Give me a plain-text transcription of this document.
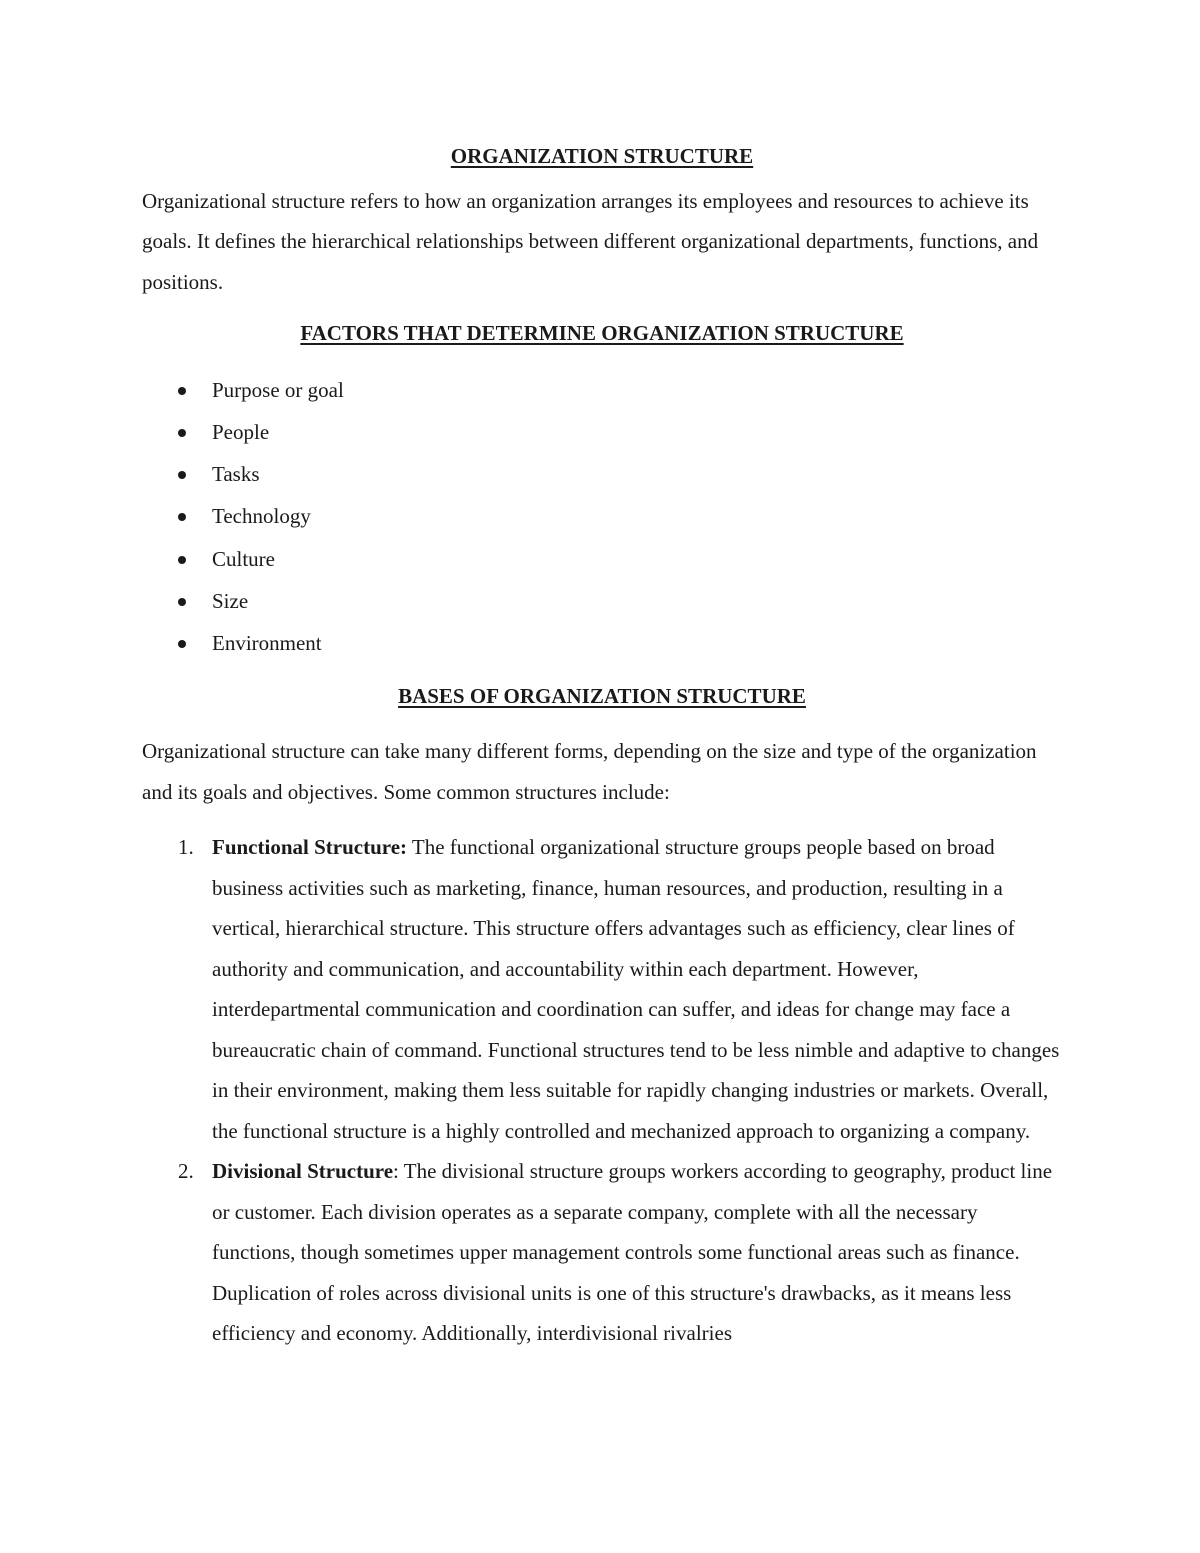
ORGANIZATION STRUCTURE

Organizational structure refers to how an organization arranges its employees and resources to achieve its goals. It defines the hierarchical relationships between different organizational departments, functions, and positions.

FACTORS THAT DETERMINE ORGANIZATION STRUCTURE
Purpose or goal
People
Tasks
Technology
Culture
Size
Environment
BASES OF ORGANIZATION STRUCTURE

Organizational structure can take many different forms, depending on the size and type of the organization and its goals and objectives. Some common structures include:

1. Functional Structure: The functional organizational structure groups people based on broad business activities such as marketing, finance, human resources, and production, resulting in a vertical, hierarchical structure. This structure offers advantages such as efficiency, clear lines of authority and communication, and accountability within each department. However, interdepartmental communication and coordination can suffer, and ideas for change may face a bureaucratic chain of command. Functional structures tend to be less nimble and adaptive to changes in their environment, making them less suitable for rapidly changing industries or markets. Overall, the functional structure is a highly controlled and mechanized approach to organizing a company.
2. Divisional Structure: The divisional structure groups workers according to geography, product line or customer. Each division operates as a separate company, complete with all the necessary functions, though sometimes upper management controls some functional areas such as finance. Duplication of roles across divisional units is one of this structure's drawbacks, as it means less efficiency and economy. Additionally, interdivisional rivalries
